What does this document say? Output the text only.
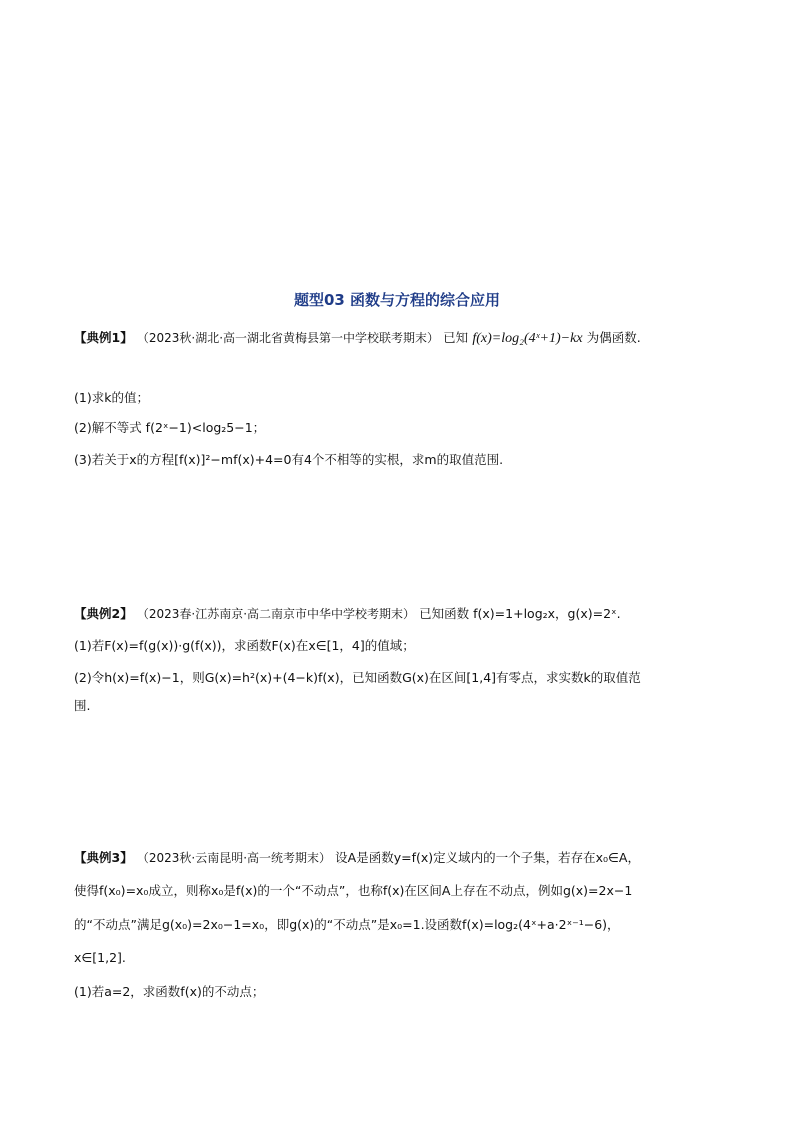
题型03 函数与方程的综合应用
【典例1】 （2023秋·湖北·高一湖北省黄梅县第一中学校联考期末） 已知 f(x)=log₂(4ˣ+1)−kx 为偶函数.
(1)求k的值；
(2)解不等式 f(2ˣ−1)<log₂5−1；
(3)若关于x的方程[f(x)]²−mf(x)+4=0有4个不相等的实根，求m的取值范围.
【典例2】 （2023春·江苏南京·高二南京市中华中学校考期末） 已知函数 f(x)=1+log₂x，g(x)=2ˣ.
(1)若F(x)=f(g(x))·g(f(x))，求函数F(x)在x∈[1，4]的值域；
(2)令h(x)=f(x)−1，则G(x)=h²(x)+(4−k)f(x)，已知函数G(x)在区间[1,4]有零点，求实数k的取值范
围.
【典例3】 （2023秋·云南昆明·高一统考期末） 设A是函数y=f(x)定义域内的一个子集，若存在x₀∈A，
使得f(x₀)=x₀成立，则称x₀是f(x)的一个“不动点”，也称f(x)在区间A上存在不动点，例如g(x)=2x−1
的“不动点”满足g(x₀)=2x₀−1=x₀，即g(x)的“不动点”是x₀=1.设函数f(x)=log₂(4ˣ+a·2ˣ⁻¹−6)，
x∈[1,2].
(1)若a=2，求函数f(x)的不动点；
